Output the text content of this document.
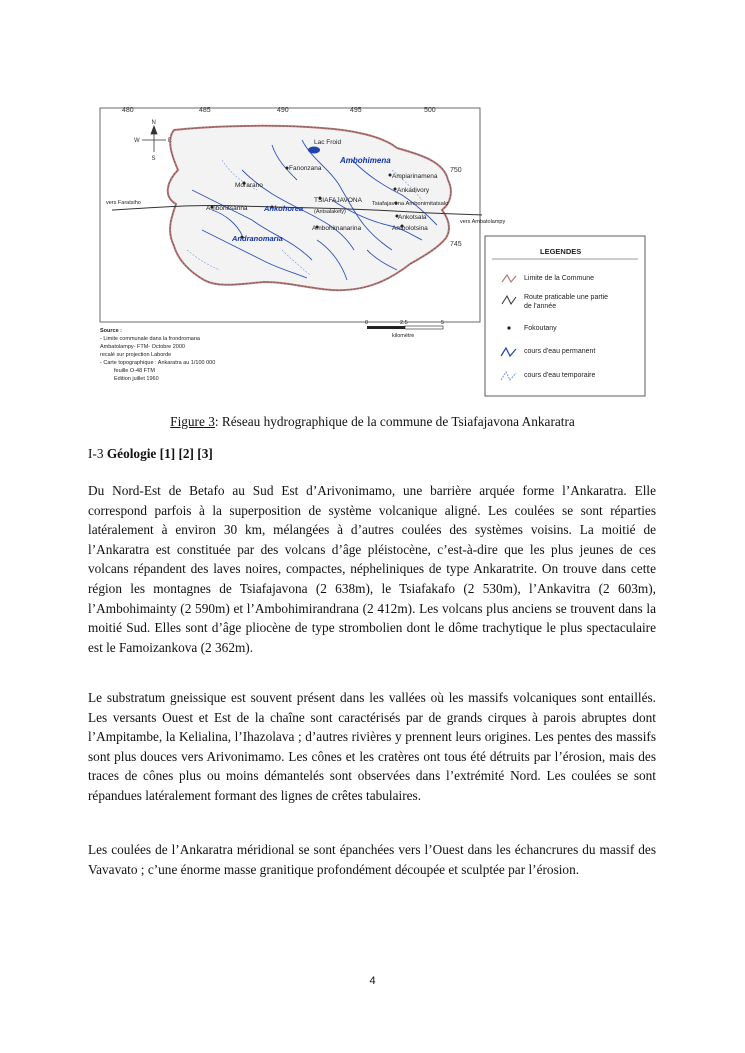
480	485	490	495	500
750
745
N
S
E
W	Lac Froid
Ambohimena
Fanonzana
Ampiarinamena
Ankadivory
Morarano
TSIAFAJAVONA
(Antsalakely)
Tsiafajavona Ambonimitatsalo
Ambohitsarina Ankohorea
Ambohimanarina
Ankotsala
Ambolotsina
Andranomaria
vers Faratsiho
vers Ambatolampy
Source :
- Limite communale dans la frondromana
Ambatolampy- FTM- Octobre 2000
recalé sur projection Laborde
- Carte topographique : Ankaratra au 1/100 000
feuille O-48 FTM
Edition juillet 1960
0	2.5	5
kilomètre
LEGENDES
Limite de la Commune
Route praticable une partie
de l'année
Fokoutany
cours d'eau permanent
cours d'eau temporaire
Figure 3: Réseau hydrographique de la commune de Tsiafajavona Ankaratra
I-3 Géologie [1] [2] [3]

Du Nord-Est de Betafo au Sud Est d’Arivonimamo, une barrière arquée forme l’Ankaratra. Elle correspond parfois à la superposition de système volcanique aligné. Les coulées se sont réparties latéralement à environ 30 km, mélangées à d’autres coulées des systèmes voisins. La moitié de l’Ankaratra est constituée par des volcans d’âge pléistocène, c’est-à-dire que les plus jeunes de ces volcans répandent des laves noires, compactes, népheliniques de type Ankaratrite. On trouve dans cette région les montagnes de Tsiafajavona (2 638m), le Tsiafakafo (2 530m), l’Ankavitra (2 603m), l’Ambohimainty (2 590m) et l’Ambohimirandrana (2 412m). Les volcans plus anciens se trouvent dans la moitié Sud. Elles sont d’âge pliocène de type strombolien dont le dôme trachytique le plus spectaculaire est le Famoizankova (2 362m).

Le substratum gneissique est souvent présent dans les vallées où les massifs volcaniques sont entaillés. Les versants Ouest et Est de la chaîne sont caractérisés par de grands cirques à parois abruptes dont l’Ampitambe, la Kelialina, l’Ihazolava ; d’autres rivières y prennent leurs origines. Les pentes des massifs sont plus douces vers Arivonimamo. Les cônes et les cratères ont tous été détruits par l’érosion, mais des traces de cônes plus ou moins démantelés sont observées dans l’extrémité Nord. Les coulées se sont répandues latéralement formant des lignes de crêtes tabulaires.

Les coulées de l’Ankaratra méridional se sont épanchées vers l’Ouest dans les échancrures du massif des Vavavato ; c’une énorme masse granitique profondément découpée et sculptée par l’érosion.

4
